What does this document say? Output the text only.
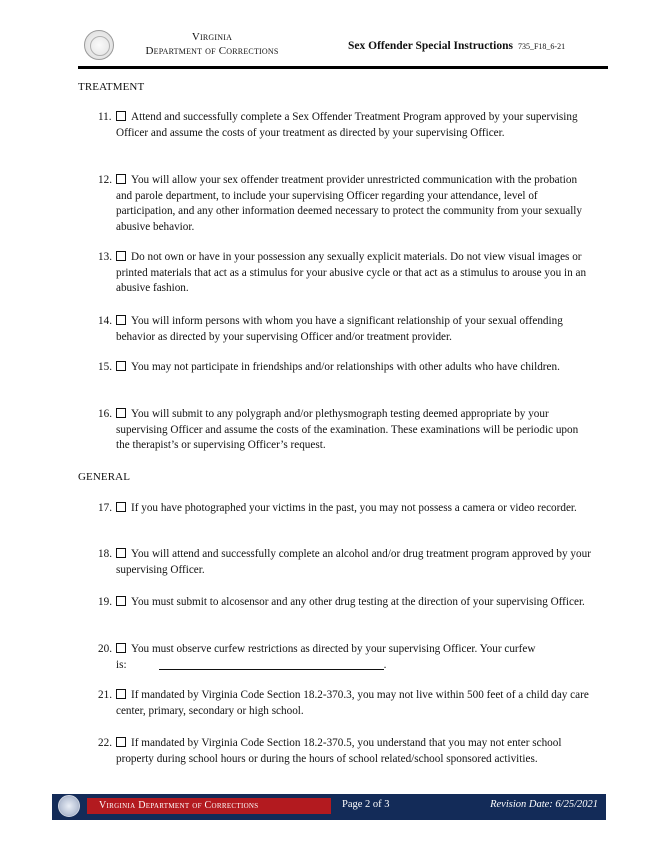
Virginia
Department of Corrections	Sex Offender Special Instructions 735_F18_6-21
TREATMENT
11.	Attend and successfully complete a Sex Offender Treatment Program approved by your supervising Officer and assume the costs of your treatment as directed by your supervising Officer.
12.	You will allow your sex offender treatment provider unrestricted communication with the probation and parole department, to include your supervising Officer regarding your attendance, level of participation, and any other information deemed necessary to protect the community from your sexually abusive behavior.
13.	Do not own or have in your possession any sexually explicit materials. Do not view visual images or printed materials that act as a stimulus for your abusive cycle or that act as a stimulus to arouse you in an abusive fashion.
14.	You will inform persons with whom you have a significant relationship of your sexual offending behavior as directed by your supervising Officer and/or treatment provider.
15.	You may not participate in friendships and/or relationships with other adults who have children.
16.	You will submit to any polygraph and/or plethysmograph testing deemed appropriate by your supervising Officer and assume the costs of the examination. These examinations will be periodic upon the therapist’s or supervising Officer’s request.
GENERAL
17.	If you have photographed your victims in the past, you may not possess a camera or video recorder.
18.	You will attend and successfully complete an alcohol and/or drug treatment program approved by your supervising Officer.
19.	You must submit to alcosensor and any other drug testing at the direction of your supervising Officer.
20.	You must observe curfew restrictions as directed by your supervising Officer. Your curfew
is:	.
21.	If mandated by Virginia Code Section 18.2-370.3, you may not live within 500 feet of a child day care center, primary, secondary or high school.
22.	If mandated by Virginia Code Section 18.2-370.5, you understand that you may not enter school property during school hours or during the hours of school related/school sponsored activities.
Virginia Department of Corrections	Page 2 of 3	Revision Date: 6/25/2021
